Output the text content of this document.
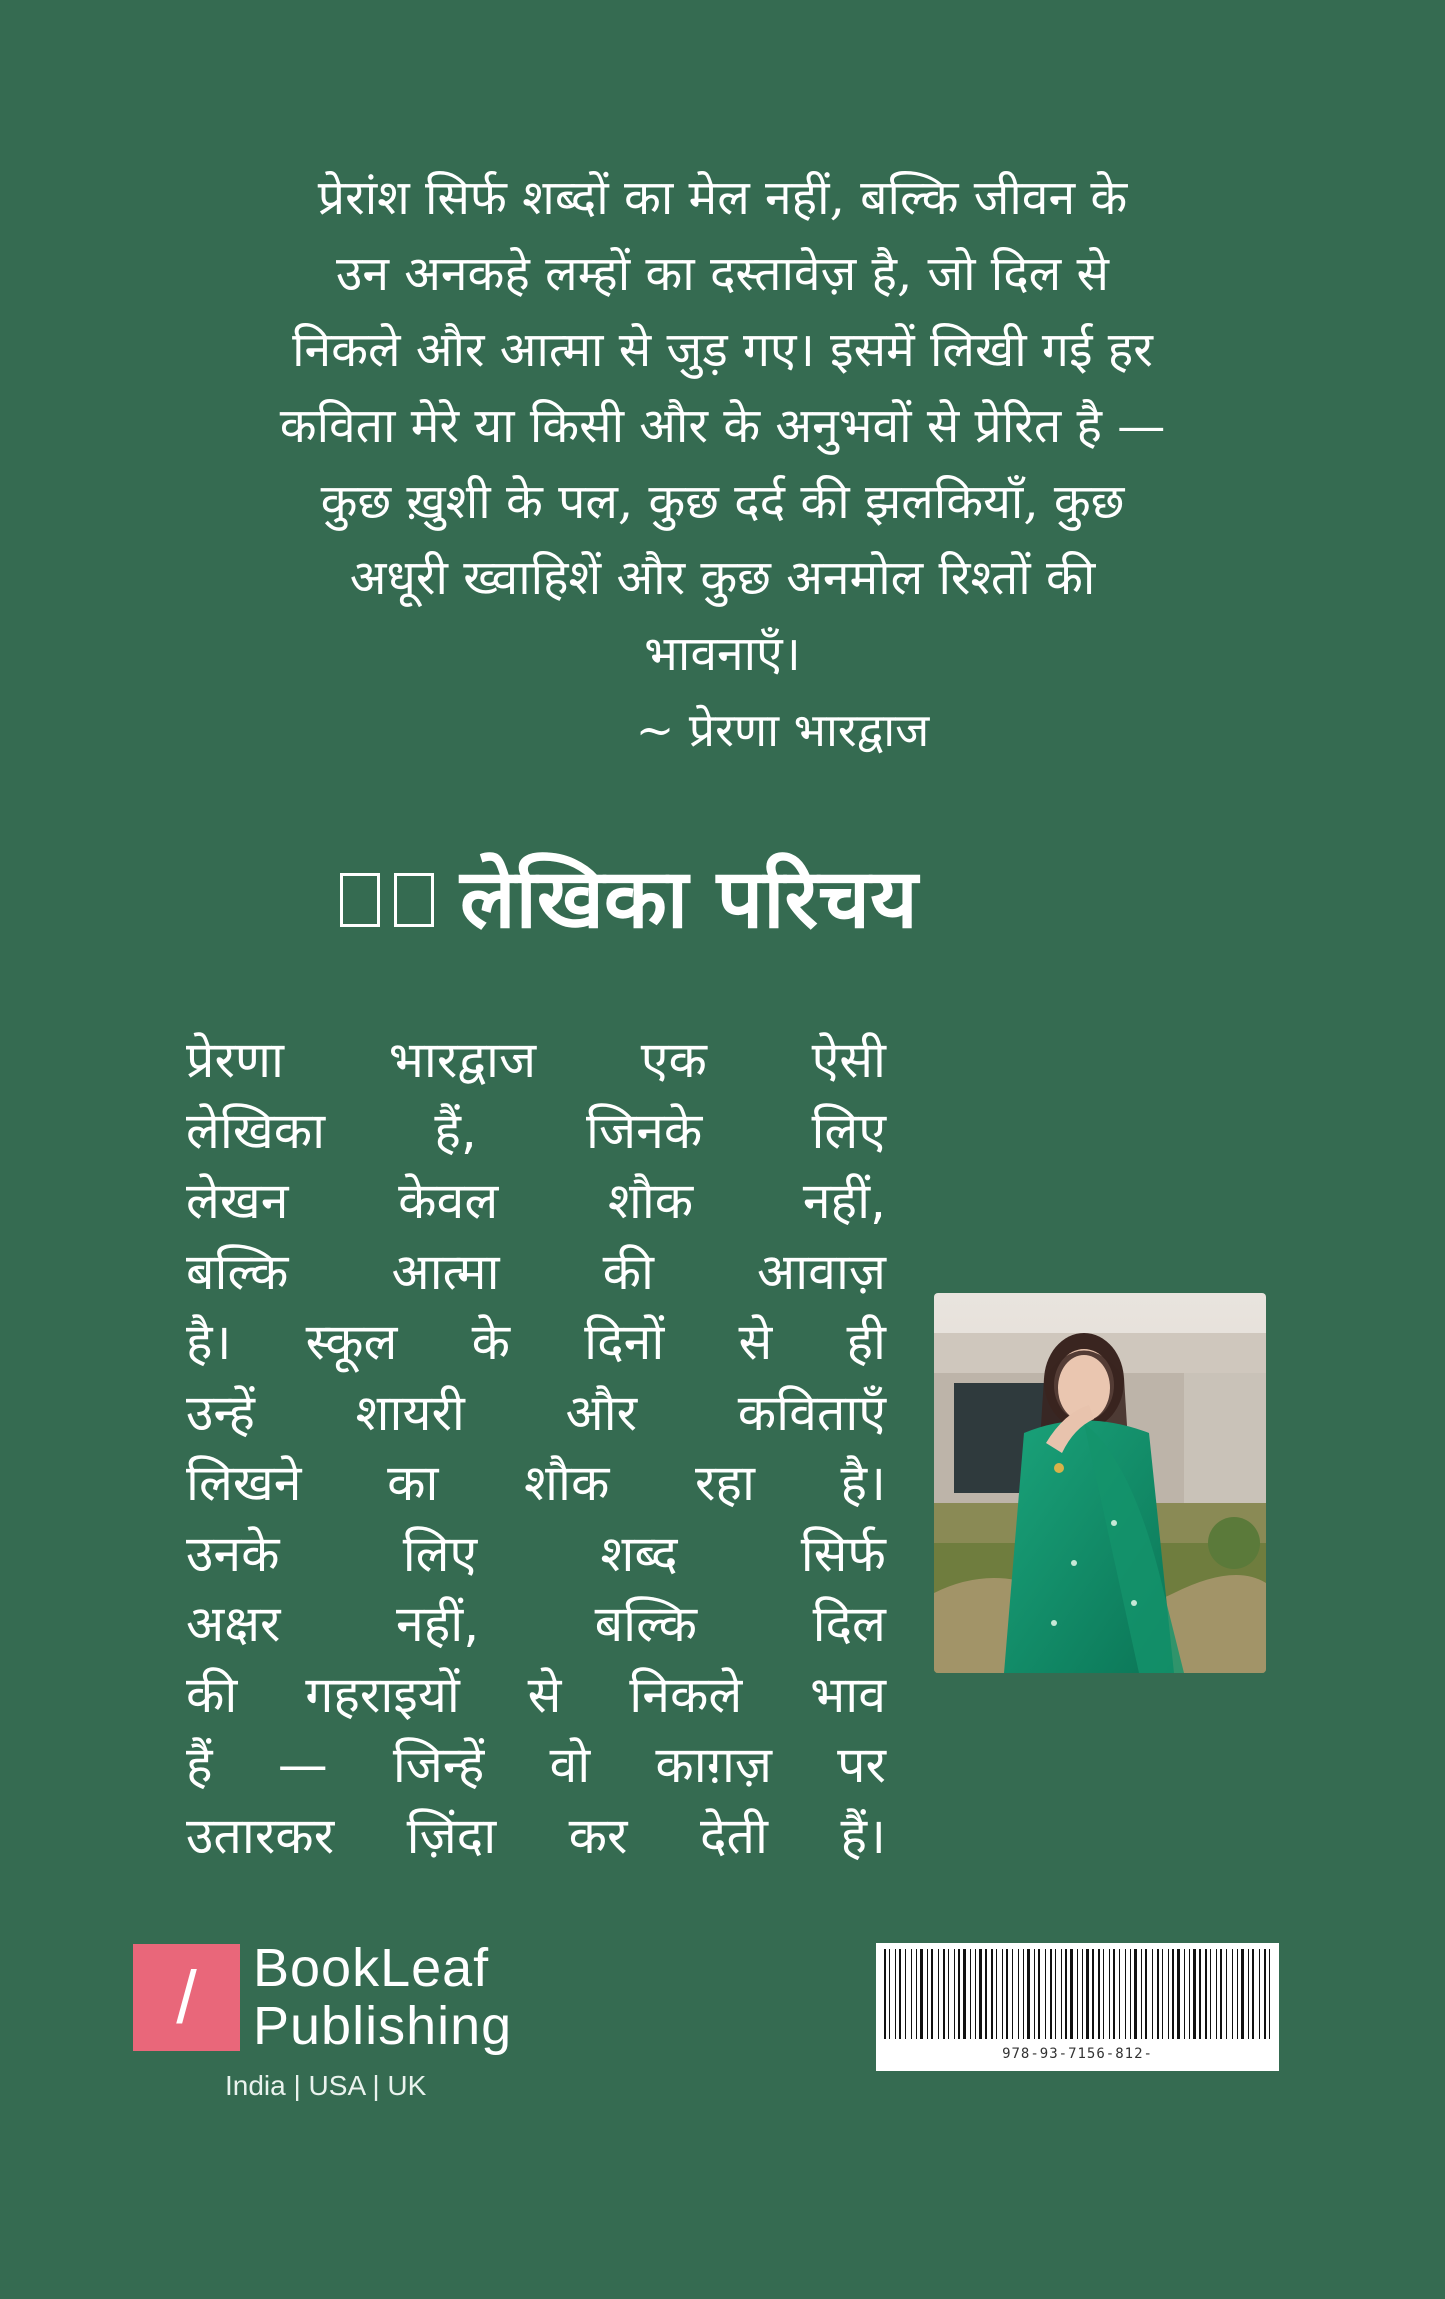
प्रेरांश सिर्फ शब्दों का मेल नहीं, बल्कि जीवन के
उन अनकहे लम्हों का दस्तावेज़ है, जो दिल से
निकले और आत्मा से जुड़ गए। इसमें लिखी गई हर
कविता मेरे या किसी और के अनुभवों से प्रेरित है —
कुछ ख़ुशी के पल, कुछ दर्द की झलकियाँ, कुछ
अधूरी ख्वाहिशें और कुछ अनमोल रिश्तों की
भावनाएँ।
~ प्रेरणा भारद्वाज
लेखिका परिचय
प्रेरणा भारद्वाज एक ऐसी
लेखिका हैं, जिनके लिए
लेखन केवल शौक नहीं,
बल्कि आत्मा की आवाज़
है। स्कूल के दिनों से ही
उन्हें शायरी और कविताएँ
लिखने का शौक रहा है।
उनके लिए शब्द सिर्फ
अक्षर नहीं, बल्कि दिल
की गहराइयों से निकले भाव
हैं — जिन्हें वो काग़ज़ पर
उतारकर ज़िंदा कर देती हैं।
/	BookLeaf
Publishing
India | USA | UK
978-93-7156-812-
